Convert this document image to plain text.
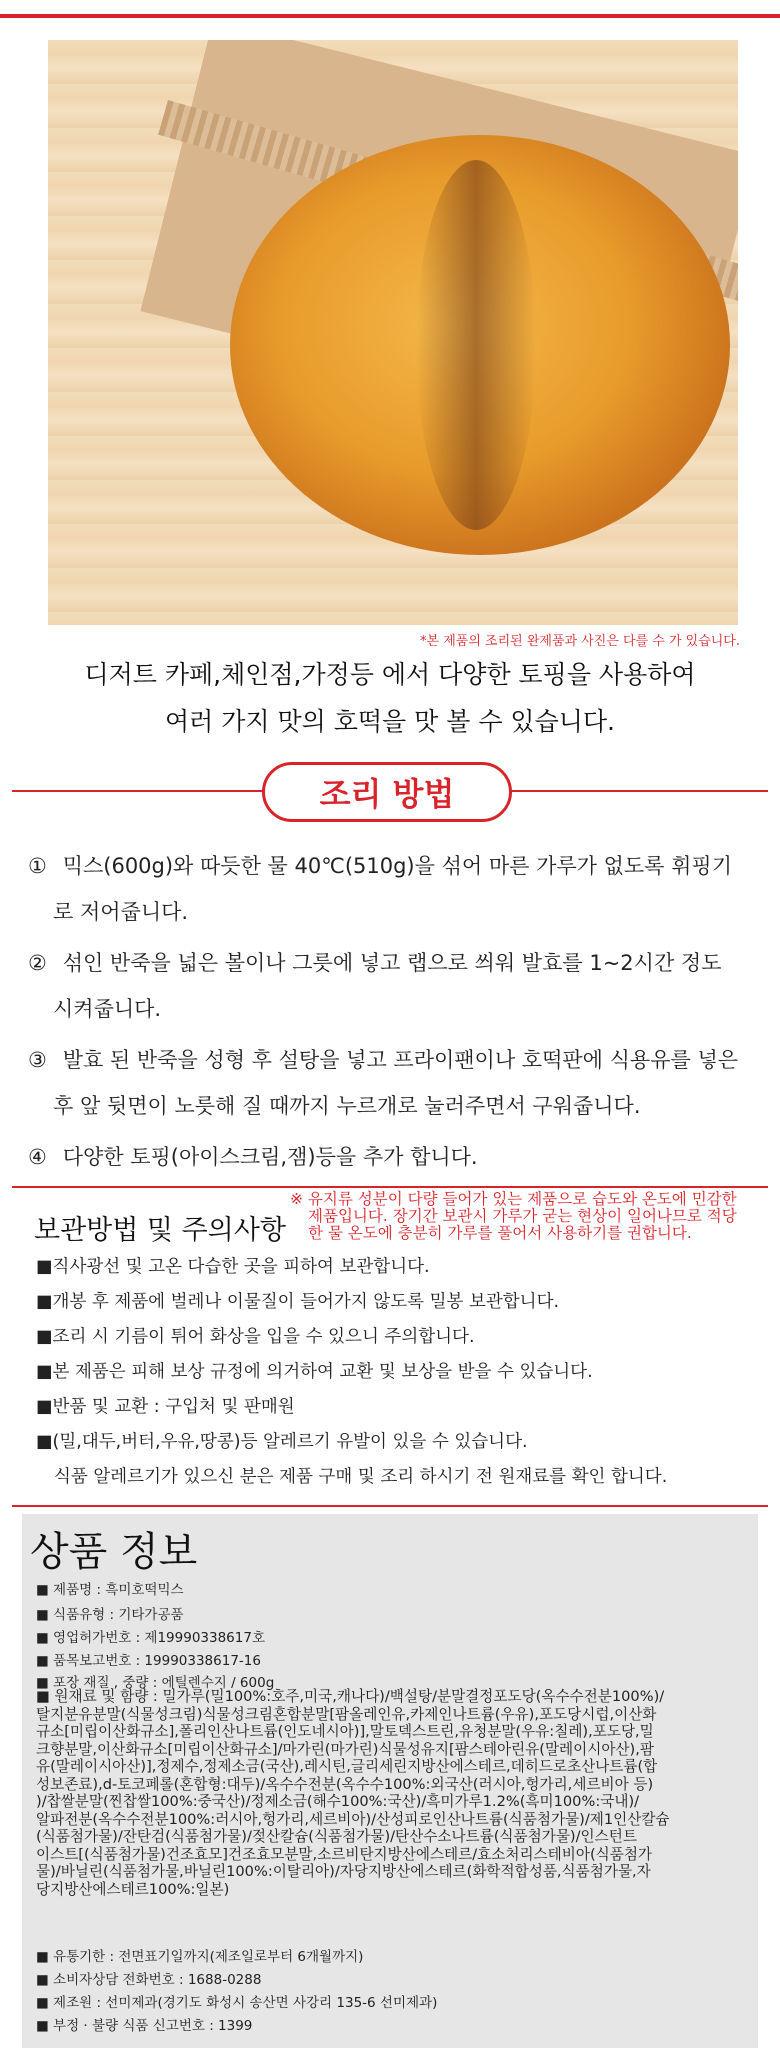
*본 제품의 조리된 완제품과 사진은 다를 수 가 있습니다.
디저트 카페,체인점,가정등 에서 다양한 토핑을 사용하여
여러 가지 맛의 호떡을 맛 볼 수 있습니다.
조리 방법
① 믹스(600g)와 따듯한 물 40℃(510g)을 섞어 마른 가루가 없도록 휘핑기
로 저어줍니다.
② 섞인 반죽을 넓은 볼이나 그릇에 넣고 랩으로 씌워 발효를 1~2시간 정도
시켜줍니다.
③ 발효 된 반죽을 성형 후 설탕을 넣고 프라이팬이나 호떡판에 식용유를 넣은
후 앞 뒷면이 노릇해 질 때까지 누르개로 눌러주면서 구워줍니다.
④ 다양한 토핑(아이스크림,잼)등을 추가 합니다.
보관방법 및 주의사항
※ 유지류 성분이 다량 들어가 있는 제품으로 습도와 온도에 민감한
제품입니다. 장기간 보관시 가루가 굳는 현상이 일어나므로 적당
한 물 온도에 충분히 가루를 풀어서 사용하기를 권합니다.
■직사광선 및 고온 다습한 곳을 피하여 보관합니다.
■개봉 후 제품에 벌레나 이물질이 들어가지 않도록 밀봉 보관합니다.
■조리 시 기름이 튀어 화상을 입을 수 있으니 주의합니다.
■본 제품은 피해 보상 규정에 의거하여 교환 및 보상을 받을 수 있습니다.
■반품 및 교환 : 구입처 및 판매원
■(밀,대두,버터,우유,땅콩)등 알레르기 유발이 있을 수 있습니다.
식품 알레르기가 있으신 분은 제품 구매 및 조리 하시기 전 원재료를 확인 합니다.
상품 정보
■ 제품명 : 흑미호떡믹스
■ 식품유형 : 기타가공품
■ 영업허가번호 : 제19990338617호
■ 품목보고번호 : 19990338617-16
■ 포장 재질 , 중량 : 에틸렌수지 / 600g
■ 원재료 및 함량 : 밀가루(밀100%:호주,미국,캐나다)/백설탕/분말결정포도당(옥수수전분100%)/
탈지분유분말(식물성크림)식물성크림혼합분말[팜올레인유,카제인나트륨(우유),포도당시럽,이산화
규소[미립이산화규소],폴리인산나트륨(인도네시아)],말토덱스트린,유청분말(우유:칠레),포도당,밀
크향분말,이산화규소[미립이산화규소]/마가린(마가린)식물성유지[팜스테아린유(말레이시아산),팜
유(말레이시아산)],정제수,정제소금(국산),레시틴,글리세린지방산에스테르,데히드로초산나트륨(합
성보존료),d-토코페롤(혼합형:대두)/옥수수전분(옥수수100%:외국산(러시아,헝가리,세르비아 등)
)/찹쌀분말(찐찹쌀100%:중국산)/정제소금(해수100%:국산)/흑미가루1.2%(흑미100%:국내)/
알파전분(옥수수전분100%:러시아,헝가리,세르비아)/산성피로인산나트륨(식품첨가물)/제1인산칼슘
(식품첨가물)/잔탄검(식품첨가물)/젖산칼슘(식품첨가물)/탄산수소나트륨(식품첨가물)/인스턴트
이스트[(식품첨가물)건조효모]건조효모분말,소르비탄지방산에스테르/효소처리스테비아(식품첨가
물)/바닐린(식품첨가물,바닐린100%:이탈리아)/자당지방산에스테르(화학적합성품,식품첨가물,자
당지방산에스테르100%:일본)
■ 유통기한 : 전면표기일까지(제조일로부터 6개월까지)
■ 소비자상담 전화번호 : 1688-0288
■ 제조원 : 선미제과(경기도 화성시 송산면 사강리 135-6 선미제과)
■ 부정 · 불량 식품 신고번호 : 1399
